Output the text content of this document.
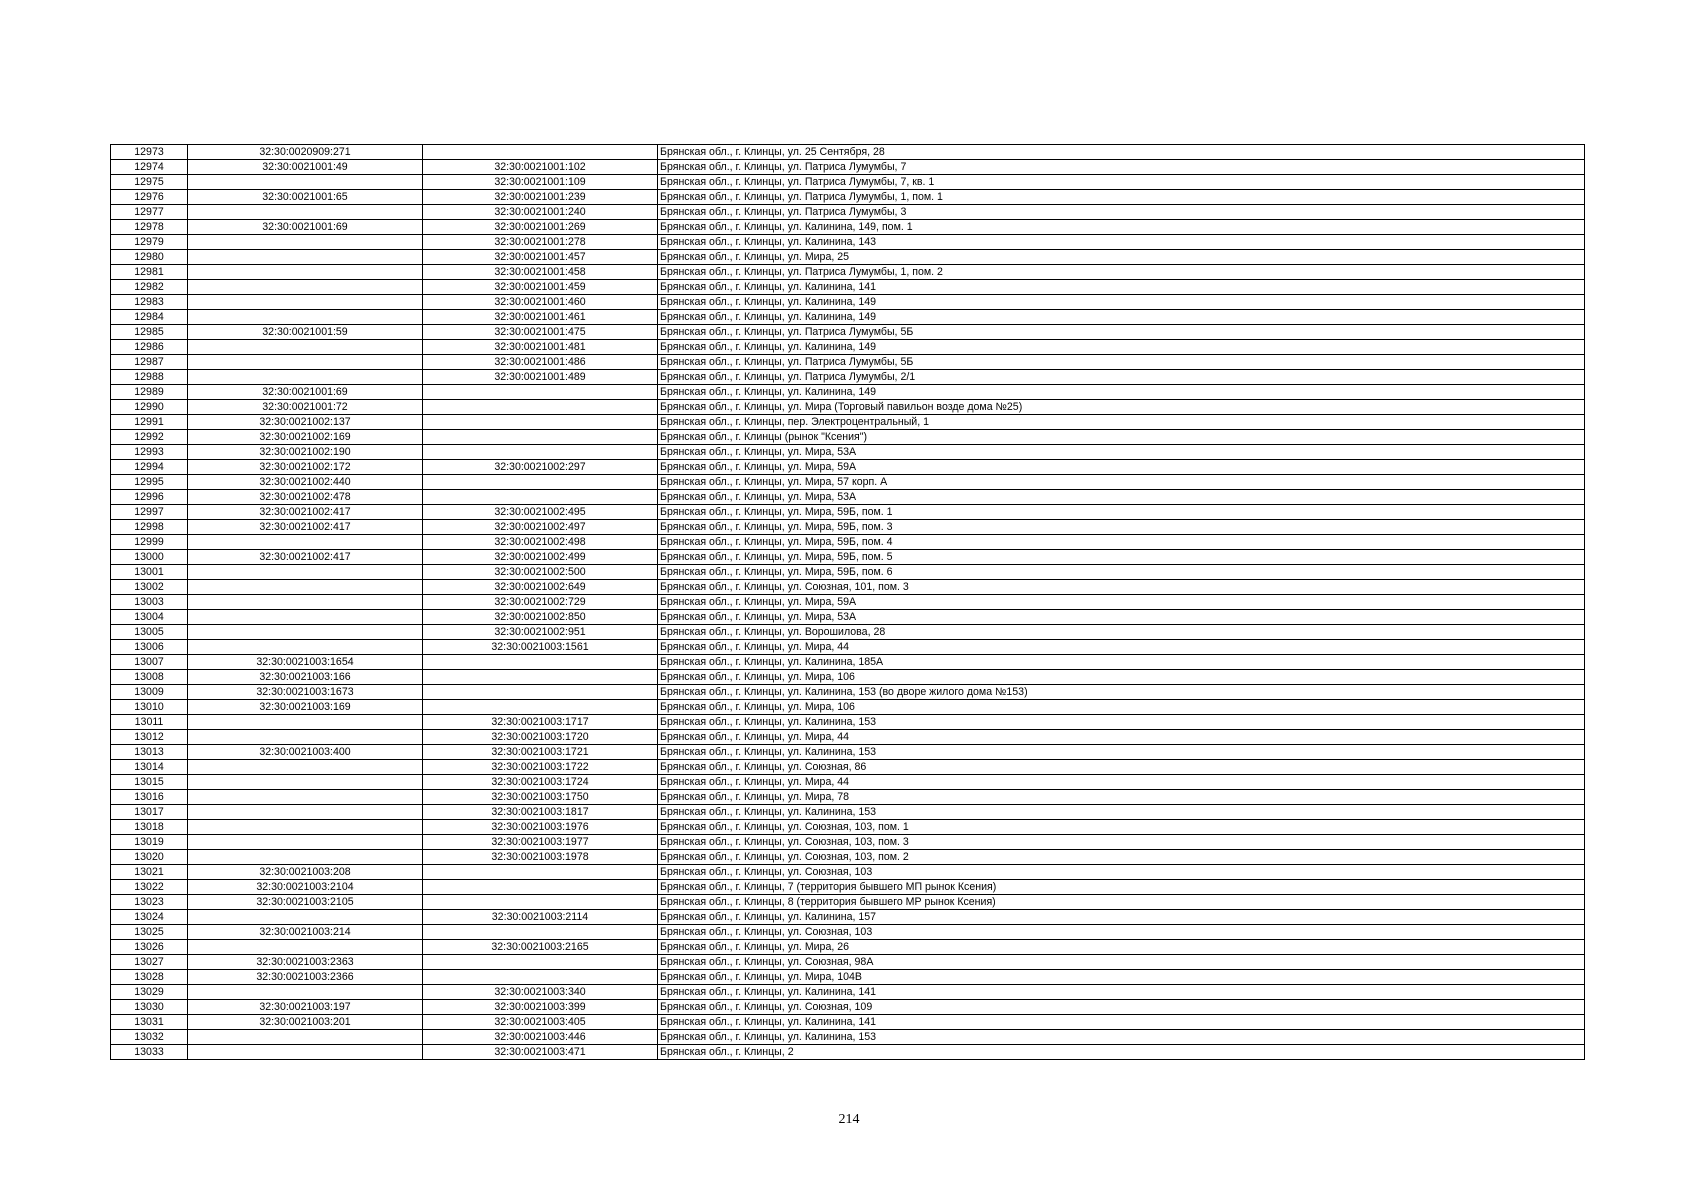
12973	32:30:0020909:271		Брянская обл., г. Клинцы, ул. 25 Сентября, 28
12974	32:30:0021001:49	32:30:0021001:102	Брянская обл., г. Клинцы, ул. Патриса Лумумбы, 7
12975		32:30:0021001:109	Брянская обл., г. Клинцы, ул. Патриса Лумумбы, 7, кв. 1
12976	32:30:0021001:65	32:30:0021001:239	Брянская обл., г. Клинцы, ул. Патриса Лумумбы, 1, пом. 1
12977		32:30:0021001:240	Брянская обл., г. Клинцы, ул. Патриса Лумумбы, 3
12978	32:30:0021001:69	32:30:0021001:269	Брянская обл., г. Клинцы, ул. Калинина, 149, пом. 1
12979		32:30:0021001:278	Брянская обл., г. Клинцы, ул. Калинина, 143
12980		32:30:0021001:457	Брянская обл., г. Клинцы, ул. Мира, 25
12981		32:30:0021001:458	Брянская обл., г. Клинцы, ул. Патриса Лумумбы, 1, пом. 2
12982		32:30:0021001:459	Брянская обл., г. Клинцы, ул. Калинина, 141
12983		32:30:0021001:460	Брянская обл., г. Клинцы, ул. Калинина, 149
12984		32:30:0021001:461	Брянская обл., г. Клинцы, ул. Калинина, 149
12985	32:30:0021001:59	32:30:0021001:475	Брянская обл., г. Клинцы, ул. Патриса Лумумбы, 5Б
12986		32:30:0021001:481	Брянская обл., г. Клинцы, ул. Калинина, 149
12987		32:30:0021001:486	Брянская обл., г. Клинцы, ул. Патриса Лумумбы, 5Б
12988		32:30:0021001:489	Брянская обл., г. Клинцы, ул. Патриса Лумумбы, 2/1
12989	32:30:0021001:69		Брянская обл., г. Клинцы, ул. Калинина, 149
12990	32:30:0021001:72		Брянская обл., г. Клинцы, ул. Мира (Торговый павильон возде дома №25)
12991	32:30:0021002:137		Брянская обл., г. Клинцы, пер. Электроцентральный, 1
12992	32:30:0021002:169		Брянская обл., г. Клинцы (рынок "Ксения")
12993	32:30:0021002:190		Брянская обл., г. Клинцы, ул. Мира, 53А
12994	32:30:0021002:172	32:30:0021002:297	Брянская обл., г. Клинцы, ул. Мира, 59А
12995	32:30:0021002:440		Брянская обл., г. Клинцы, ул. Мира, 57 корп. А
12996	32:30:0021002:478		Брянская обл., г. Клинцы, ул. Мира, 53А
12997	32:30:0021002:417	32:30:0021002:495	Брянская обл., г. Клинцы, ул. Мира, 59Б, пом. 1
12998	32:30:0021002:417	32:30:0021002:497	Брянская обл., г. Клинцы, ул. Мира, 59Б, пом. 3
12999		32:30:0021002:498	Брянская обл., г. Клинцы, ул. Мира, 59Б, пом. 4
13000	32:30:0021002:417	32:30:0021002:499	Брянская обл., г. Клинцы, ул. Мира, 59Б, пом. 5
13001		32:30:0021002:500	Брянская обл., г. Клинцы, ул. Мира, 59Б, пом. 6
13002		32:30:0021002:649	Брянская обл., г. Клинцы, ул. Союзная, 101, пом. 3
13003		32:30:0021002:729	Брянская обл., г. Клинцы, ул. Мира, 59А
13004		32:30:0021002:850	Брянская обл., г. Клинцы, ул. Мира, 53А
13005		32:30:0021002:951	Брянская обл., г. Клинцы, ул. Ворошилова, 28
13006		32:30:0021003:1561	Брянская обл., г. Клинцы, ул. Мира, 44
13007	32:30:0021003:1654		Брянская обл., г. Клинцы, ул. Калинина, 185А
13008	32:30:0021003:166		Брянская обл., г. Клинцы, ул. Мира, 106
13009	32:30:0021003:1673		Брянская обл., г. Клинцы, ул. Калинина, 153 (во дворе жилого дома №153)
13010	32:30:0021003:169		Брянская обл., г. Клинцы, ул. Мира, 106
13011		32:30:0021003:1717	Брянская обл., г. Клинцы, ул. Калинина, 153
13012		32:30:0021003:1720	Брянская обл., г. Клинцы, ул. Мира, 44
13013	32:30:0021003:400	32:30:0021003:1721	Брянская обл., г. Клинцы, ул. Калинина, 153
13014		32:30:0021003:1722	Брянская обл., г. Клинцы, ул. Союзная, 86
13015		32:30:0021003:1724	Брянская обл., г. Клинцы, ул. Мира, 44
13016		32:30:0021003:1750	Брянская обл., г. Клинцы, ул. Мира, 78
13017		32:30:0021003:1817	Брянская обл., г. Клинцы, ул. Калинина, 153
13018		32:30:0021003:1976	Брянская обл., г. Клинцы, ул. Союзная, 103, пом. 1
13019		32:30:0021003:1977	Брянская обл., г. Клинцы, ул. Союзная, 103, пом. 3
13020		32:30:0021003:1978	Брянская обл., г. Клинцы, ул. Союзная, 103, пом. 2
13021	32:30:0021003:208		Брянская обл., г. Клинцы, ул. Союзная, 103
13022	32:30:0021003:2104		Брянская обл., г. Клинцы, 7 (территория бывшего МП рынок Ксения)
13023	32:30:0021003:2105		Брянская обл., г. Клинцы, 8 (территория бывшего МР рынок Ксения)
13024		32:30:0021003:2114	Брянская обл., г. Клинцы, ул. Калинина, 157
13025	32:30:0021003:214		Брянская обл., г. Клинцы, ул. Союзная, 103
13026		32:30:0021003:2165	Брянская обл., г. Клинцы, ул. Мира, 26
13027	32:30:0021003:2363		Брянская обл., г. Клинцы, ул. Союзная, 98А
13028	32:30:0021003:2366		Брянская обл., г. Клинцы, ул. Мира, 104В
13029		32:30:0021003:340	Брянская обл., г. Клинцы, ул. Калинина, 141
13030	32:30:0021003:197	32:30:0021003:399	Брянская обл., г. Клинцы, ул. Союзная, 109
13031	32:30:0021003:201	32:30:0021003:405	Брянская обл., г. Клинцы, ул. Калинина, 141
13032		32:30:0021003:446	Брянская обл., г. Клинцы, ул. Калинина, 153
13033		32:30:0021003:471	Брянская обл., г. Клинцы, 2
214
